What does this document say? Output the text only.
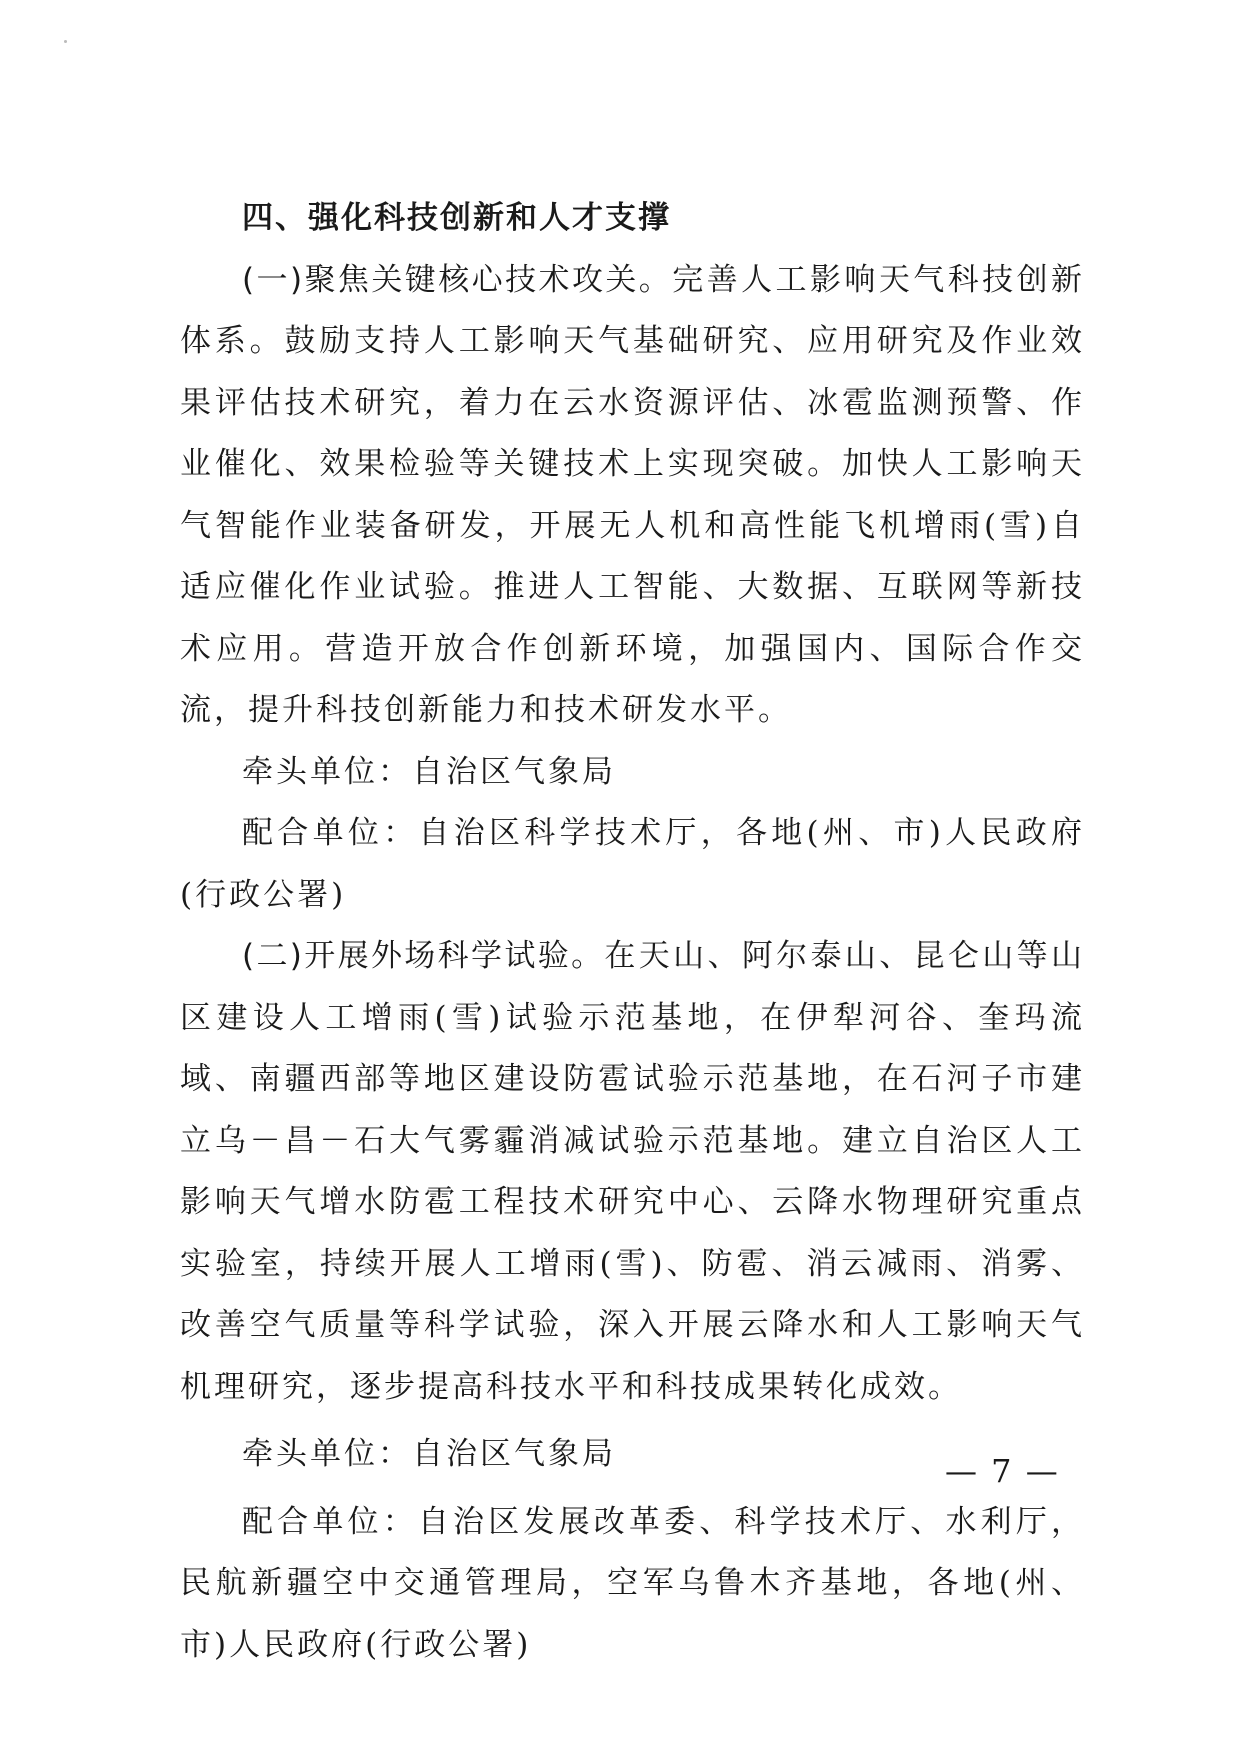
四、强化科技创新和人才支撑

(一)聚焦关键核心技术攻关。完善人工影响天气科技创新体系。鼓励支持人工影响天气基础研究、应用研究及作业效果评估技术研究，着力在云水资源评估、冰雹监测预警、作业催化、效果检验等关键技术上实现突破。加快人工影响天气智能作业装备研发，开展无人机和高性能飞机增雨(雪)自适应催化作业试验。推进人工智能、大数据、互联网等新技术应用。营造开放合作创新环境，加强国内、国际合作交流，提升科技创新能力和技术研发水平。

牵头单位：自治区气象局

配合单位：自治区科学技术厅，各地(州、市)人民政府(行政公署)

(二)开展外场科学试验。在天山、阿尔泰山、昆仑山等山区建设人工增雨(雪)试验示范基地，在伊犁河谷、奎玛流域、南疆西部等地区建设防雹试验示范基地，在石河子市建立乌－昌－石大气雾霾消减试验示范基地。建立自治区人工影响天气增水防雹工程技术研究中心、云降水物理研究重点实验室，持续开展人工增雨(雪)、防雹、消云减雨、消雾、改善空气质量等科学试验，深入开展云降水和人工影响天气机理研究，逐步提高科技水平和科技成果转化成效。

牵头单位：自治区气象局

配合单位：自治区发展改革委、科学技术厅、水利厅，民航新疆空中交通管理局，空军乌鲁木齐基地，各地(州、市)人民政府(行政公署)

— 7 —
